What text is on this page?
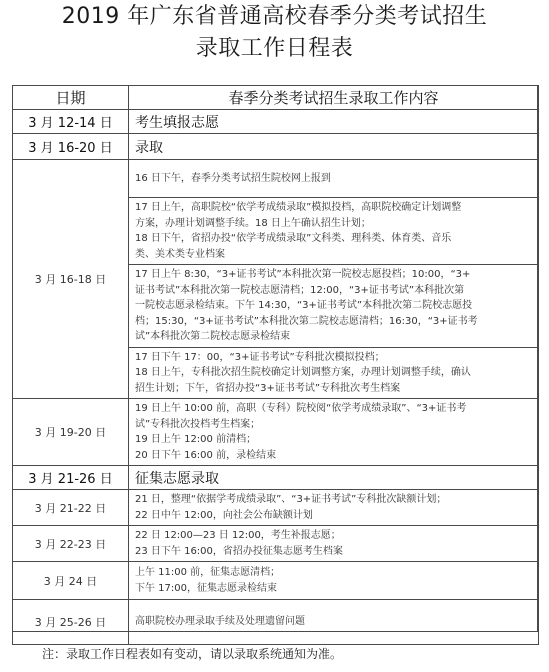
2019 年广东省普通高校春季分类考试招生
录取工作日程表
日期	春季分类考试招生录取工作内容
3 月 12-14 日	考生填报志愿
3 月 16-20 日	录取
3 月 16-18 日	16 日下午，春季分类考试招生院校网上报到

	17 日上午，高职院校“依学考成绩录取”模拟投档，高职院校确定计划调整
方案，办理计划调整手续。18 日上午确认招生计划；
18 日下午，省招办投“依学考成绩录取”文科类、理科类、体育类、音乐
类、美术类专业档案

	17 日上午 8:30，“3+证书考试”本科批次第一院校志愿投档；10:00，“3+
证书考试”本科批次第一院校志愿清档；12:00，“3+证书考试”本科批次第
一院校志愿录检结束。下午 14:30，“3+证书考试”本科批次第二院校志愿投
档；15:30，“3+证书考试”本科批次第二院校志愿清档；16:30，“3+证书考
试”本科批次第二院校志愿录检结束

	17 日下午 17：00，“3+证书考试”专科批次模拟投档；
18 日上午，专科批次招生院校确定计划调整方案，办理计划调整手续，确认
招生计划；下午，省招办投“3+证书考试”专科批次考生档案

3 月 19-20 日	19 日上午 10:00 前，高职（专科）院校阅“依学考成绩录取”、“3+证书考
试”专科批次投档考生档案；
19 日上午 12:00 前清档；
20 日下午 16:00 前，录检结束

3 月 21-26 日	征集志愿录取
3 月 21-22 日	21 日，整理“依据学考成绩录取”、“3+证书考试”专科批次缺额计划；
22 日中午 12:00，向社会公布缺额计划

3 月 22-23 日	22 日 12:00—23 日 12:00，考生补报志愿；
23 日下午 16:00，省招办投征集志愿考生档案

3 月 24 日	上午 11:00 前，征集志愿清档；
下午 17:00，征集志愿录检结束

3 月 25-26 日	高职院校办理录取手续及处理遗留问题
注：录取工作日程表如有变动，请以录取系统通知为准。
